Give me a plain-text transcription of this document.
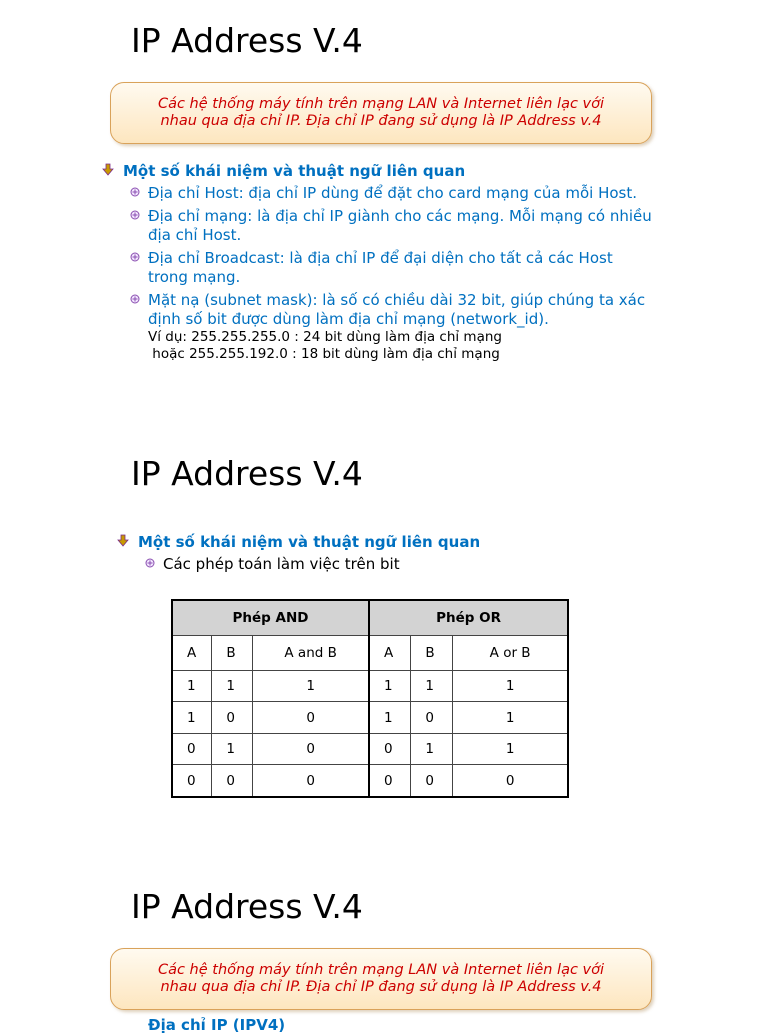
IP Address V.4
Các hệ thống máy tính trên mạng LAN và Internet liên lạc với
nhau qua địa chỉ IP. Địa chỉ IP đang sử dụng là IP Address v.4
Một số khái niệm và thuật ngữ liên quan
Địa chỉ Host: địa chỉ IP dùng để đặt cho card mạng của mỗi Host.
Địa chỉ mạng: là địa chỉ IP giành cho các mạng. Mỗi mạng có nhiều địa chỉ Host.
Địa chỉ Broadcast: là địa chỉ IP để đại diện cho tất cả các Host trong mạng.
Mặt nạ (subnet mask): là số có chiều dài 32 bit, giúp chúng ta xác định số bit được dùng làm địa chỉ mạng (network_id).
Ví dụ: 255.255.255.0 : 24 bit dùng làm địa chỉ mạng
hoặc 255.255.192.0 : 18 bit dùng làm địa chỉ mạng
IP Address V.4
Một số khái niệm và thuật ngữ liên quan
Các phép toán làm việc trên bit
Phép AND			Phép OR		
A	B	A and B	A	B	A or B
1	1	1	1	1	1
1	0	0	1	0	1
0	1	0	0	1	1
0	0	0	0	0	0
IP Address V.4
Các hệ thống máy tính trên mạng LAN và Internet liên lạc với
nhau qua địa chỉ IP. Địa chỉ IP đang sử dụng là IP Address v.4
Địa chỉ IP (IPV4)
